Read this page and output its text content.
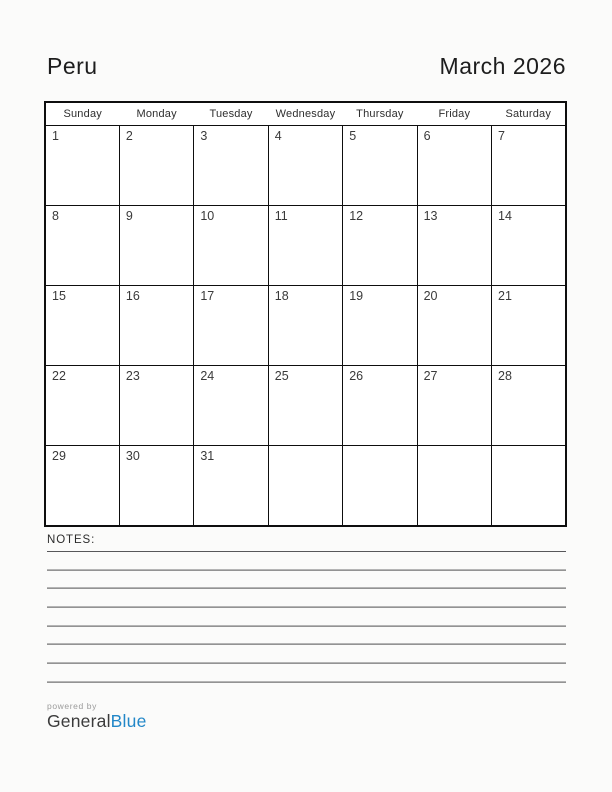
Peru	March 2026
Sunday	Monday	Tuesday	Wednesday	Thursday	Friday	Saturday
1	2	3	4	5	6	7
8	9	10	11	12	13	14
15	16	17	18	19	20	21
22	23	24	25	26	27	28
29	30	31				
NOTES:
powered by
GeneralBlue
